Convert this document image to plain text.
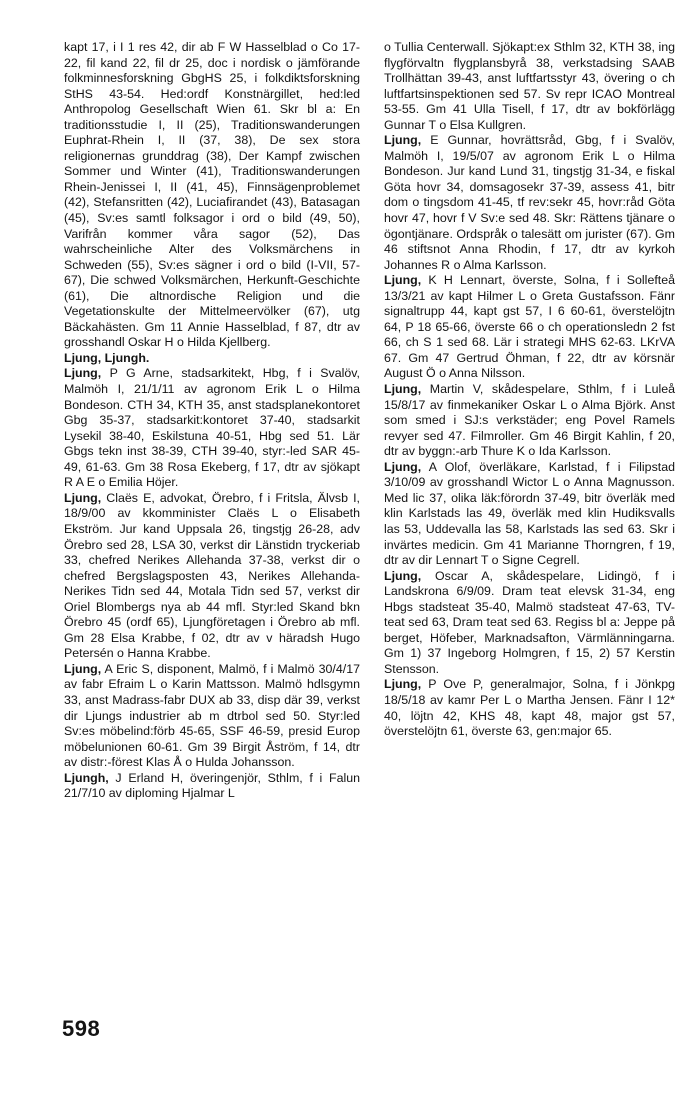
kapt 17, i I 1 res 42, dir ab F W Hasselblad o Co 17-22, fil kand 22, fil dr 25, doc i nordisk o jämförande folkminnesforskning GbgHS 25, i folkdiktsforskning StHS 43-54. Hed:ordf Konstnärgillet, hed:led Anthropolog Gesellschaft Wien 61. Skr bl a: En traditionsstudie I, II (25), Traditionswanderungen Euphrat-Rhein I, II (37, 38), De sex stora religionernas grunddrag (38), Der Kampf zwischen Sommer und Winter (41), Traditionswanderungen Rhein-Jenissei I, II (41, 45), Finnsägenproblemet (42), Stefansritten (42), Luciafirandet (43), Batasagan (45), Sv:es samtl folksagor i ord o bild (49, 50), Varifrån kommer våra sagor (52), Das wahrscheinliche Alter des Volksmärchens in Schweden (55), Sv:es sägner i ord o bild (I-VII, 57-67), Die schwed Volksmärchen, Herkunft-Geschichte (61), Die altnordische Religion und die Vegetationskulte der Mittelmeervölker (67), utg Bäckahästen. Gm 11 Annie Hasselblad, f 87, dtr av grosshandl Oskar H o Hilda Kjellberg.

Ljung, Ljungh.

Ljung, P G Arne, stadsarkitekt, Hbg, f i Svalöv, Malmöh I, 21/1/11 av agronom Erik L o Hilma Bondeson. CTH 34, KTH 35, anst stadsplanekontoret Gbg 35-37, stadsarkit:kontoret 37-40, stadsarkit Lysekil 38-40, Eskilstuna 40-51, Hbg sed 51. Lär Gbgs tekn inst 38-39, CTH 39-40, styr:-led SAR 45-49, 61-63. Gm 38 Rosa Ekeberg, f 17, dtr av sjökapt R A E o Emilia Höjer.

Ljung, Claës E, advokat, Örebro, f i Fritsla, Älvsb I, 18/9/00 av kkomminister Claës L o Elisabeth Ekström. Jur kand Uppsala 26, tingstjg 26-28, adv Örebro sed 28, LSA 30, verkst dir Länstidn tryckeriab 33, chefred Nerikes Allehanda 37-38, verkst dir o chefred Bergslagsposten 43, Nerikes Allehanda-Nerikes Tidn sed 44, Motala Tidn sed 57, verkst dir Oriel Blombergs nya ab 44 mfl. Styr:led Skand bkn Örebro 45 (ordf 65), Ljungföretagen i Örebro ab mfl. Gm 28 Elsa Krabbe, f 02, dtr av v häradsh Hugo Petersén o Hanna Krabbe.

Ljung, A Eric S, disponent, Malmö, f i Malmö 30/4/17 av fabr Efraim L o Karin Mattsson. Malmö hdlsgymn 33, anst Madrass-fabr DUX ab 33, disp där 39, verkst dir Ljungs industrier ab m dtrbol sed 50. Styr:led Sv:es möbelind:förb 45-65, SSF 46-59, presid Europ möbelunionen 60-61. Gm 39 Birgit Åström, f 14, dtr av distr:-förest Klas Å o Hulda Johansson.

Ljungh, J Erland H, överingenjör, Sthlm, f i Falun 21/7/10 av diploming Hjalmar L

o Tullia Centerwall. Sjökapt:ex Sthlm 32, KTH 38, ing flygförvaltn flygplansbyrå 38, verkstadsing SAAB Trollhättan 39-43, anst luftfartsstyr 43, övering o ch luftfartsinspektionen sed 57. Sv repr ICAO Montreal 53-55. Gm 41 Ulla Tisell, f 17, dtr av bokförlägg Gunnar T o Elsa Kullgren.

Ljung, E Gunnar, hovrättsråd, Gbg, f i Svalöv, Malmöh I, 19/5/07 av agronom Erik L o Hilma Bondeson. Jur kand Lund 31, tingstjg 31-34, e fiskal Göta hovr 34, domsagosekr 37-39, assess 41, bitr dom o tingsdom 41-45, tf rev:sekr 45, hovr:råd Göta hovr 47, hovr f V Sv:e sed 48. Skr: Rättens tjänare o ögontjänare. Ordspråk o talesätt om jurister (67). Gm 46 stiftsnot Anna Rhodin, f 17, dtr av kyrkoh Johannes R o Alma Karlsson.

Ljung, K H Lennart, överste, Solna, f i Sollefteå 13/3/21 av kapt Hilmer L o Greta Gustafsson. Fänr signaltrupp 44, kapt gst 57, I 6 60-61, överstelöjtn 64, P 18 65-66, överste 66 o ch operationsledn 2 fst 66, ch S 1 sed 68. Lär i strategi MHS 62-63. LKrVA 67. Gm 47 Gertrud Öhman, f 22, dtr av körsnär August Ö o Anna Nilsson.

Ljung, Martin V, skådespelare, Sthlm, f i Luleå 15/8/17 av finmekaniker Oskar L o Alma Björk. Anst som smed i SJ:s verkstäder; eng Povel Ramels revyer sed 47. Filmroller. Gm 46 Birgit Kahlin, f 20, dtr av byggn:-arb Thure K o Ida Karlsson.

Ljung, A Olof, överläkare, Karlstad, f i Filipstad 3/10/09 av grosshandl Wictor L o Anna Magnusson. Med lic 37, olika läk:förordn 37-49, bitr överläk med klin Karlstads las 49, överläk med klin Hudiksvalls las 53, Uddevalla las 58, Karlstads las sed 63. Skr i invärtes medicin. Gm 41 Marianne Thorngren, f 19, dtr av dir Lennart T o Signe Cegrell.

Ljung, Oscar A, skådespelare, Lidingö, f i Landskrona 6/9/09. Dram teat elevsk 31-34, eng Hbgs stadsteat 35-40, Malmö stadsteat 47-63, TV-teat sed 63, Dram teat sed 63. Regiss bl a: Jeppe på berget, Höfeber, Marknadsafton, Värmlänningarna. Gm 1) 37 Ingeborg Holmgren, f 15, 2) 57 Kerstin Stensson.

Ljung, P Ove P, generalmajor, Solna, f i Jönkpg 18/5/18 av kamr Per L o Martha Jensen. Fänr I 12* 40, löjtn 42, KHS 48, kapt 48, major gst 57, överstelöjtn 61, överste 63, gen:major 65.

598
